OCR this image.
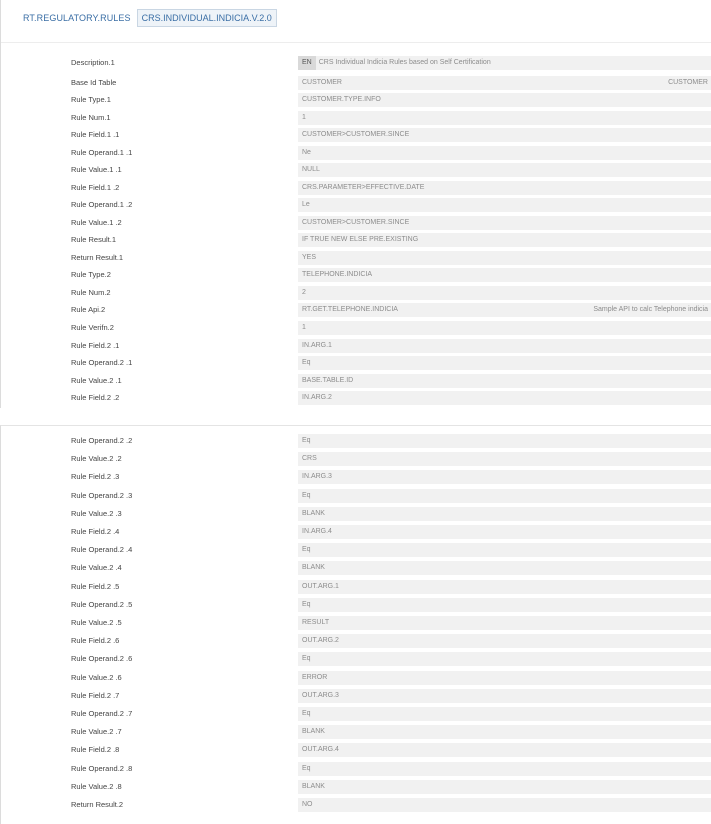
RT.REGULATORY.RULES	CRS.INDIVIDUAL.INDICIA.V.2.0
Description.1	EN CRS Individual Indicia Rules based on Self Certification
Base Id Table	CUSTOMER	CUSTOMER
Rule Type.1	CUSTOMER.TYPE.INFO
Rule Num.1	1
Rule Field.1 .1	CUSTOMER>CUSTOMER.SINCE
Rule Operand.1 .1	Ne
Rule Value.1 .1	NULL
Rule Field.1 .2	CRS.PARAMETER>EFFECTIVE.DATE
Rule Operand.1 .2	Le
Rule Value.1 .2	CUSTOMER>CUSTOMER.SINCE
Rule Result.1	IF TRUE NEW ELSE PRE.EXISTING
Return Result.1	YES
Rule Type.2	TELEPHONE.INDICIA
Rule Num.2	2
Rule Api.2	RT.GET.TELEPHONE.INDICIA	Sample API to calc Telephone indicia
Rule Verifn.2	1
Rule Field.2 .1	IN.ARG.1
Rule Operand.2 .1	Eq
Rule Value.2 .1	BASE.TABLE.ID
Rule Field.2 .2	IN.ARG.2
Rule Operand.2 .2	Eq
Rule Value.2 .2	CRS
Rule Field.2 .3	IN.ARG.3
Rule Operand.2 .3	Eq
Rule Value.2 .3	BLANK
Rule Field.2 .4	IN.ARG.4
Rule Operand.2 .4	Eq
Rule Value.2 .4	BLANK
Rule Field.2 .5	OUT.ARG.1
Rule Operand.2 .5	Eq
Rule Value.2 .5	RESULT
Rule Field.2 .6	OUT.ARG.2
Rule Operand.2 .6	Eq
Rule Value.2 .6	ERROR
Rule Field.2 .7	OUT.ARG.3
Rule Operand.2 .7	Eq
Rule Value.2 .7	BLANK
Rule Field.2 .8	OUT.ARG.4
Rule Operand.2 .8	Eq
Rule Value.2 .8	BLANK
Return Result.2	NO
